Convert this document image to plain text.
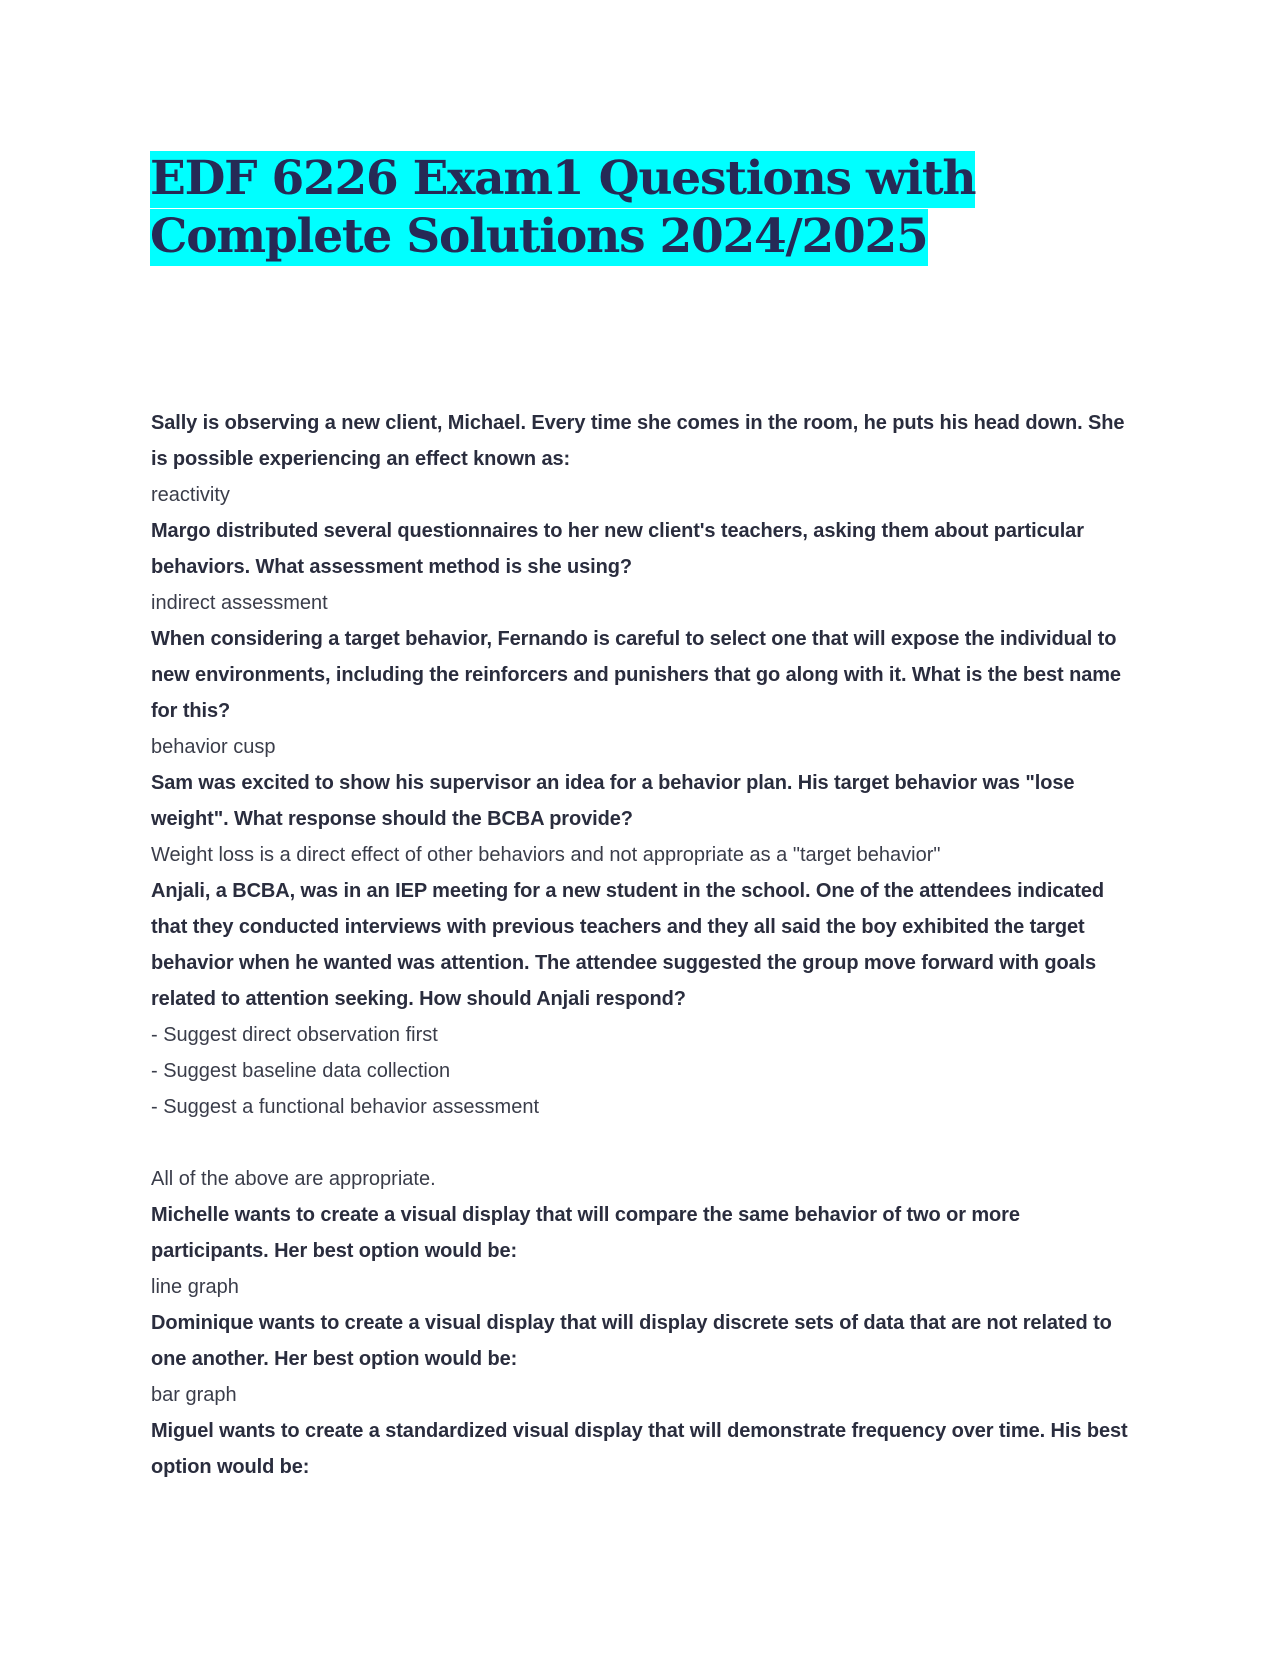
EDF 6226 Exam1 Questions with Complete Solutions 2024/2025

Sally is observing a new client, Michael. Every time she comes in the room, he puts his head down. She is possible experiencing an effect known as:

reactivity

Margo distributed several questionnaires to her new client's teachers, asking them about particular behaviors. What assessment method is she using?

indirect assessment

When considering a target behavior, Fernando is careful to select one that will expose the individual to new environments, including the reinforcers and punishers that go along with it. What is the best name for this?

behavior cusp

Sam was excited to show his supervisor an idea for a behavior plan. His target behavior was "lose weight". What response should the BCBA provide?

Weight loss is a direct effect of other behaviors and not appropriate as a "target behavior"

Anjali, a BCBA, was in an IEP meeting for a new student in the school. One of the attendees indicated that they conducted interviews with previous teachers and they all said the boy exhibited the target behavior when he wanted was attention. The attendee suggested the group move forward with goals related to attention seeking. How should Anjali respond?

- Suggest direct observation first

- Suggest baseline data collection

- Suggest a functional behavior assessment

All of the above are appropriate.

Michelle wants to create a visual display that will compare the same behavior of two or more participants. Her best option would be:

line graph

Dominique wants to create a visual display that will display discrete sets of data that are not related to one another. Her best option would be:

bar graph

Miguel wants to create a standardized visual display that will demonstrate frequency over time. His best option would be:
